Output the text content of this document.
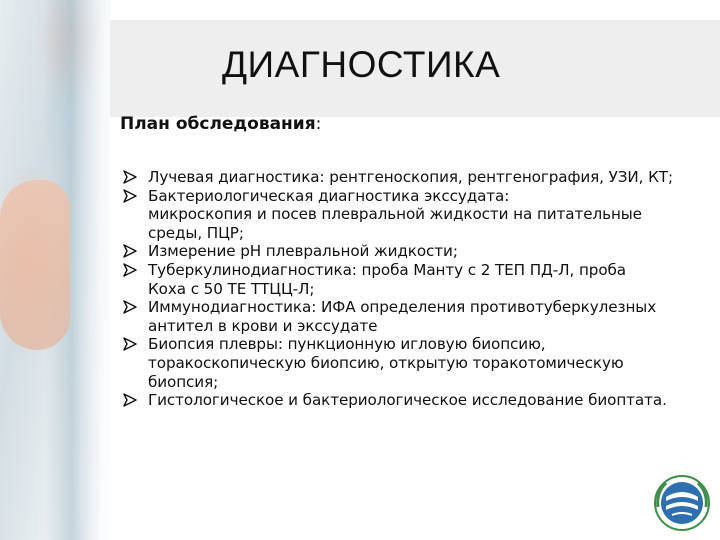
ДИАГНОСТИКА

План обследования:

Лучевая диагностика: рентгеноскопия, рентгенография, УЗИ, КТ;
Бактериологическая диагностика экссудата:
микроскопия и посев плевральной жидкости на питательные
среды, ПЦР;
Измерение рН плевральной жидкости;
Туберкулинодиагностика: проба Манту с 2 ТЕП ПД-Л, проба
Коха с 50 ТЕ ТТЦЦ-Л;
Иммунодиагностика: ИФА определения противотуберкулезных
антител в крови и экссудате
Биопсия плевры: пункционную игловую биопсию,
торакоскопическую биопсию, открытую торакотомическую
биопсия;
Гистологическое и бактериологическое исследование биоптата.
